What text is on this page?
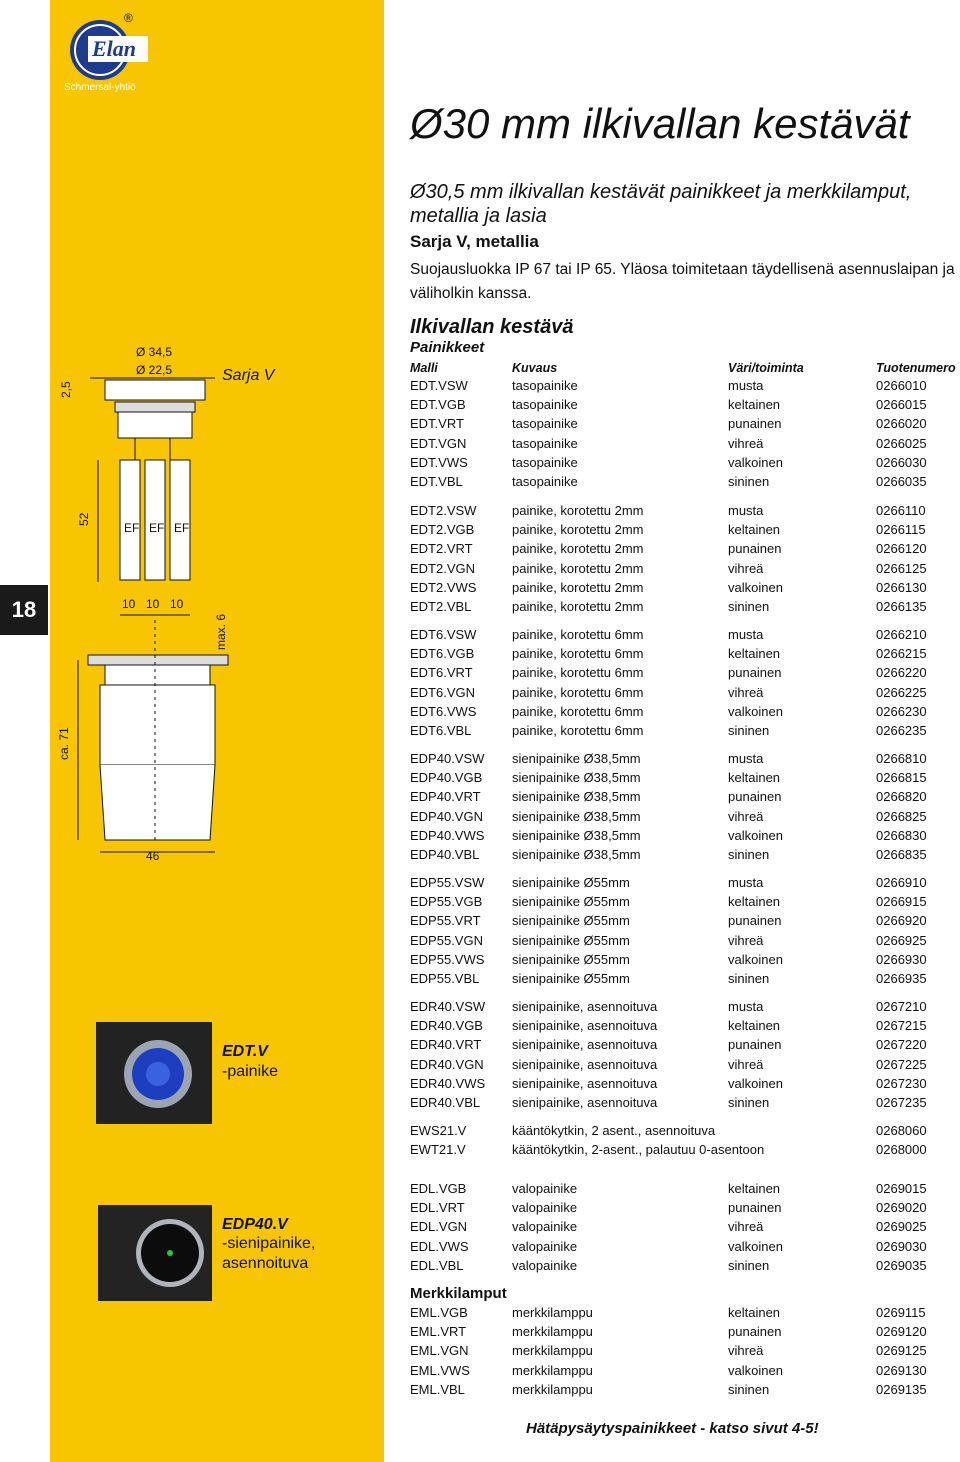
18
Elan
®
Schmersal-yhtiö
Ø30 mm ilkivallan kestävät
Ø30,5 mm ilkivallan kestävät painikkeet ja merkkilamput, metallia ja lasia
Sarja V, metallia
Suojausluokka IP 67 tai IP 65. Yläosa toimitetaan täydellisenä asennuslaipan ja väliholkin kanssa.
Ilkivallan kestävä
Painikkeet
Malli	Kuvaus	Väri/toiminta	Tuotenumero
EDT.VSW	tasopainike	musta	0266010
EDT.VGB	tasopainike	keltainen	0266015
EDT.VRT	tasopainike	punainen	0266020
EDT.VGN	tasopainike	vihreä	0266025
EDT.VWS	tasopainike	valkoinen	0266030
EDT.VBL	tasopainike	sininen	0266035
EDT2.VSW	painike, korotettu 2mm	musta	0266110
EDT2.VGB	painike, korotettu 2mm	keltainen	0266115
EDT2.VRT	painike, korotettu 2mm	punainen	0266120
EDT2.VGN	painike, korotettu 2mm	vihreä	0266125
EDT2.VWS	painike, korotettu 2mm	valkoinen	0266130
EDT2.VBL	painike, korotettu 2mm	sininen	0266135
EDT6.VSW	painike, korotettu 6mm	musta	0266210
EDT6.VGB	painike, korotettu 6mm	keltainen	0266215
EDT6.VRT	painike, korotettu 6mm	punainen	0266220
EDT6.VGN	painike, korotettu 6mm	vihreä	0266225
EDT6.VWS	painike, korotettu 6mm	valkoinen	0266230
EDT6.VBL	painike, korotettu 6mm	sininen	0266235
EDP40.VSW sienipainike Ø38,5mm	musta	0266810
EDP40.VGB sienipainike Ø38,5mm	keltainen	0266815
EDP40.VRT sienipainike Ø38,5mm	punainen	0266820
EDP40.VGN sienipainike Ø38,5mm	vihreä	0266825
EDP40.VWS sienipainike Ø38,5mm	valkoinen	0266830
EDP40.VBL	sienipainike Ø38,5mm	sininen	0266835
EDP55.VSW sienipainike Ø55mm	musta	0266910
EDP55.VGB sienipainike Ø55mm	keltainen	0266915
EDP55.VRT sienipainike Ø55mm	punainen	0266920
EDP55.VGN sienipainike Ø55mm	vihreä	0266925
EDP55.VWS sienipainike Ø55mm	valkoinen	0266930
EDP55.VBL	sienipainike Ø55mm	sininen	0266935
EDR40.VSW sienipainike, asennoituva	musta	0267210
EDR40.VGB sienipainike, asennoituva	keltainen	0267215
EDR40.VRT sienipainike, asennoituva	punainen	0267220
EDR40.VGN sienipainike, asennoituva	vihreä	0267225
EDR40.VWS sienipainike, asennoituva	valkoinen	0267230
EDR40.VBL sienipainike, asennoituva	sininen	0267235
EWS21.V	kääntökytkin, 2 asent., asennoituva	0268060
EWT21.V	kääntökytkin, 2-asent., palautuu 0-asentoon	0268000
EDL.VGB	valopainike	keltainen	0269015
EDL.VRT	valopainike	punainen	0269020
EDL.VGN	valopainike	vihreä	0269025
EDL.VWS	valopainike	valkoinen	0269030
EDL.VBL	valopainike	sininen	0269035
Merkkilamput
EML.VGB	merkkilamppu	keltainen	0269115
EML.VRT	merkkilamppu	punainen	0269120
EML.VGN	merkkilamppu	vihreä	0269125
EML.VWS	merkkilamppu	valkoinen	0269130
EML.VBL	merkkilamppu	sininen	0269135
Hätäpysäytyspainikkeet - katso sivut 4-5!
Sarja V
Ø 34,5
Ø 22,5
2,5
52
EF EF EF
10 10 10
max. 6
ca. 71
46
EDT.V
-painike
EDP40.V
-sienipainike, asennoituva
